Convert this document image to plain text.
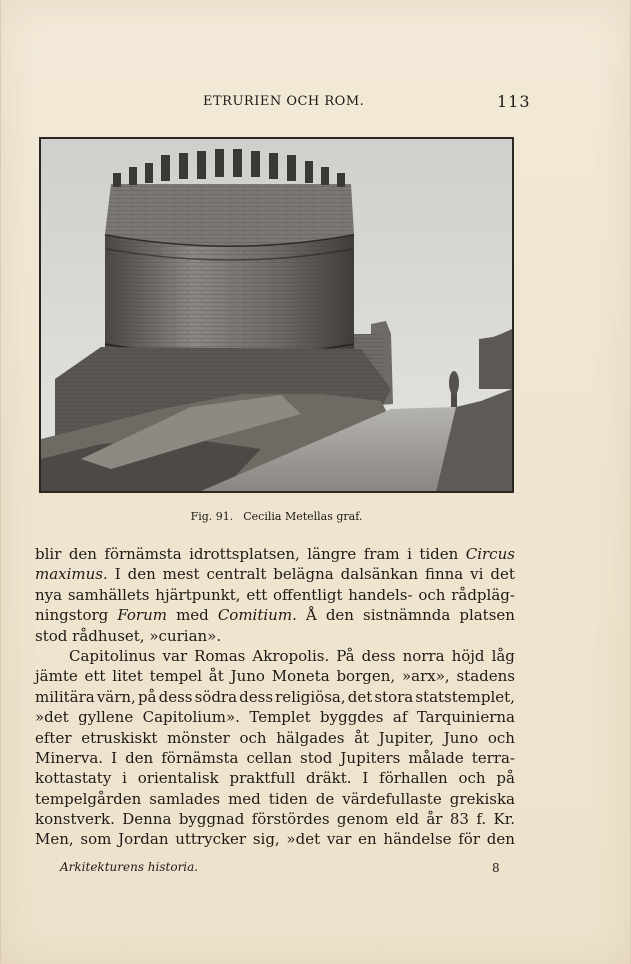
ETRURIEN OCH ROM.	113
Fig. 91. Cecilia Metellas graf.
blir den förnämsta idrottsplatsen, längre fram i tiden Circus
maximus. I den mest centralt belägna dalsänkan finna vi det
nya samhällets hjärtpunkt, ett offentligt handels- och rådpläg-
ningstorg Forum med Comitium. Å den sistnämnda platsen
stod rådhuset, »curian».
Capitolinus var Romas Akropolis. På dess norra höjd låg
jämte ett litet tempel åt Juno Moneta borgen, »arx», stadens
militära värn, på dess södra dess religiösa, det stora statstemplet,
»det gyllene Capitolium». Templet byggdes af Tarquinierna
efter etruskiskt mönster och hälgades åt Jupiter, Juno och
Minerva. I den förnämsta cellan stod Jupiters målade terra-
kottastaty i orientalisk praktfull dräkt. I förhallen och på
tempelgården samlades med tiden de värdefullaste grekiska
konstverk. Denna byggnad förstördes genom eld år 83 f. Kr.
Men, som Jordan uttrycker sig, »det var en händelse för den
Arkitekturens historia.	8
